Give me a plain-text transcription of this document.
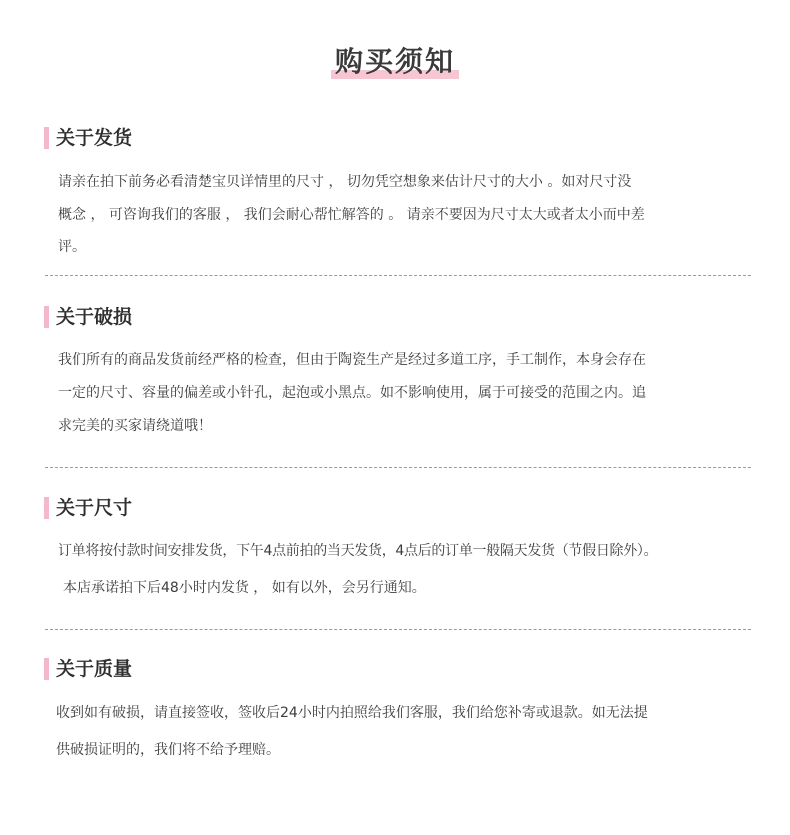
购买须知
关于发货
请亲在拍下前务必看清楚宝贝详情里的尺寸 ， 切勿凭空想象来估计尺寸的大小 。如对尺寸没
概念 ， 可咨询我们的客服 ， 我们会耐心帮忙解答的 。 请亲不要因为尺寸太大或者太小而中差
评。
关于破损
我们所有的商品发货前经严格的检查，但由于陶瓷生产是经过多道工序，手工制作，本身会存在
一定的尺寸、容量的偏差或小针孔，起泡或小黑点。如不影响使用，属于可接受的范围之内。追
求完美的买家请绕道哦！
关于尺寸
订单将按付款时间安排发货，下午4点前拍的当天发货，4点后的订单一般隔天发货（节假日除外）。
本店承诺拍下后48小时内发货 ， 如有以外，会另行通知。
关于质量
收到如有破损，请直接签收，签收后24小时内拍照给我们客服，我们给您补寄或退款。如无法提
供破损证明的，我们将不给予理赔。
